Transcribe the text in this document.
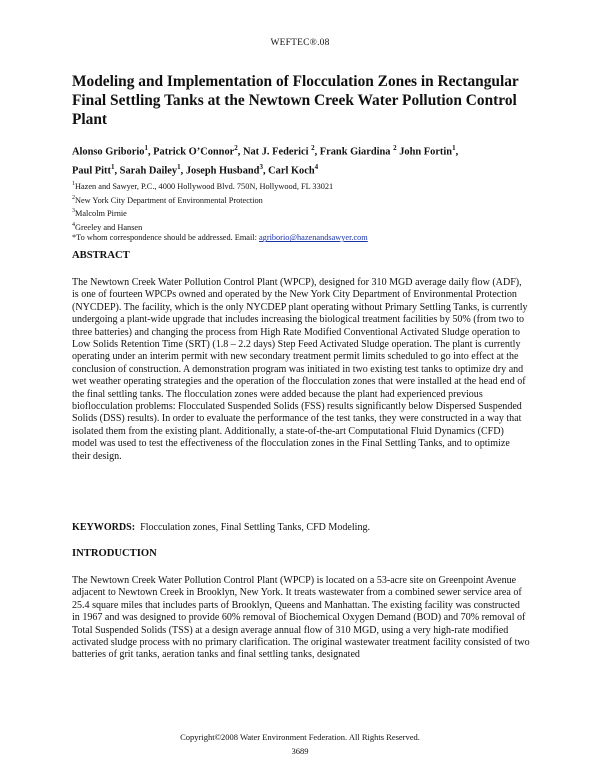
WEFTEC®.08
Modeling and Implementation of Flocculation Zones in Rectangular Final Settling Tanks at the Newtown Creek Water Pollution Control Plant
Alonso Griborio$^1$, Patrick O’Connor$^2$, Nat J. Federici $^2$, Frank Giardina $^2$ John Fortin$^1$,
Paul Pitt$^1$, Sarah Dailey$^1$, Joseph Husband$^3$, Carl Koch$^4$
$^1$Hazen and Sawyer, P.C., 4000 Hollywood Blvd. 750N, Hollywood, FL 33021
$^2$New York City Department of Environmental Protection
$^3$Malcolm Pirnie
$^4$Greeley and Hansen
*To whom correspondence should be addressed. Email: agriborio@hazenandsawyer.com
ABSTRACT
The Newtown Creek Water Pollution Control Plant (WPCP), designed for 310 MGD average daily flow (ADF), is one of fourteen WPCPs owned and operated by the New York City Department of Environmental Protection (NYCDEP). The facility, which is the only NYCDEP plant operating without Primary Settling Tanks, is currently undergoing a plant-wide upgrade that includes increasing the biological treatment facilities by 50% (from two to three batteries) and changing the process from High Rate Modified Conventional Activated Sludge operation to Low Solids Retention Time (SRT) (1.8 – 2.2 days) Step Feed Activated Sludge operation. The plant is currently operating under an interim permit with new secondary treatment permit limits scheduled to go into effect at the conclusion of construction. A demonstration program was initiated in two existing test tanks to optimize dry and wet weather operating strategies and the operation of the flocculation zones that were installed at the head end of the final settling tanks. The flocculation zones were added because the plant had experienced previous bioflocculation problems: Flocculated Suspended Solids (FSS) results significantly below Dispersed Suspended Solids (DSS) results). In order to evaluate the performance of the test tanks, they were constructed in a way that isolated them from the existing plant. Additionally, a state-of-the-art Computational Fluid Dynamics (CFD) model was used to test the effectiveness of the flocculation zones in the Final Settling Tanks, and to optimize their design.
KEYWORDS: Flocculation zones, Final Settling Tanks, CFD Modeling.
INTRODUCTION
The Newtown Creek Water Pollution Control Plant (WPCP) is located on a 53-acre site on Greenpoint Avenue adjacent to Newtown Creek in Brooklyn, New York. It treats wastewater from a combined sewer service area of 25.4 square miles that includes parts of Brooklyn, Queens and Manhattan. The existing facility was constructed in 1967 and was designed to provide 60% removal of Biochemical Oxygen Demand (BOD) and 70% removal of Total Suspended Solids (TSS) at a design average annual flow of 310 MGD, using a very high-rate modified activated sludge process with no primary clarification. The original wastewater treatment facility consisted of two batteries of grit tanks, aeration tanks and final settling tanks, designated
Copyright©2008 Water Environment Federation. All Rights Reserved.
3689
